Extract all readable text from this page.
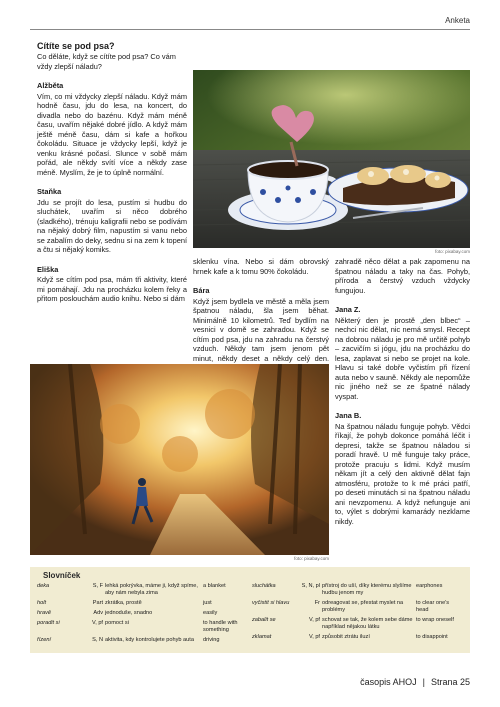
Anketa
Cítíte se pod psa?
Co děláte, když se cítíte pod psa? Co vám vždy zlepší náladu?
Alžběta
Vím, co mi vždycky zlepší náladu. Když mám hodně času, jdu do lesa, na koncert, do divadla nebo do bazénu. Když mám méně času, uvařím nějaké dobré jídlo. A když mám ještě méně času, dám si kafe a hořkou čokoládu. Situace je vždycky lepší, když je venku krásné počasí. Slunce v sobě mám pořád, ale někdy svítí více a někdy zase méně. Myslím, že je to úplně normální.
Staňka
Jdu se projít do lesa, pustím si hudbu do sluchátek, uvařím si něco dobrého (sladkého), trénuju kaligrafii nebo se podívám na nějaký dobrý film, napustím si vanu nebo se zabalím do deky, sednu si na zem k topení a čtu si nějaký komiks.
Eliška
Když se cítím pod psa, mám tři aktivity, které mi pomáhají. Jdu na procházku kolem řeky a přitom poslouchám audio knihu. Nebo si dám
foto: pixabay.com
sklenku vína. Nebo si dám obrovský hrnek kafe a k tomu 90% čokoládu.
Bára
Když jsem bydlela ve městě a měla jsem špatnou náladu, šla jsem běhat. Minimálně 10 kilometrů. Teď bydlím na vesnici v domě se zahradou. Když se cítím pod psa, jdu na zahradu na čerstvý vzduch. Někdy tam jsem jenom pět minut, někdy deset a někdy celý den.
zahradě něco dělat a pak zapomenu na špatnou náladu a taky na čas. Pohyb, příroda a čerstvý vzduch vždycky fungujou.
Jana Z.
Některý den je prostě „den blbec“ – nechci nic dělat, nic nemá smysl. Recept na dobrou náladu je pro mě určitě pohyb – zacvičím si jógu, jdu na procházku do lesa, zaplavat si nebo se projet na kole. Hlavu si také dobře vyčistím při řízení auta nebo v sauně. Někdy ale nepomůže nic jiného než se ze špatné nálady vyspat.
Jana B.
Na špatnou náladu funguje pohyb. Vědci říkají, že pohyb dokonce pomáhá léčit i depresi, takže se špatnou náladou si poradí hravě. U mě funguje taky práce, protože pracuju s lidmi. Když musím někam jít a celý den aktivně dělat fajn atmosféru, protože to k mé práci patří, po deseti minutách si na špatnou náladu ani nevzpomenu. A když nefunguje ani to, výlet s dobrými kamarády nezklame nikdy.
foto: pixabay.com
Slovníček
deka	S, F	lehká pokrývka, máme ji, když spíme, aby nám nebyla zima	a blanket
holt	Part	zkrátka, prostě	just
hravě	Adv	jednoduše, snadno	easily
poradit si	V, pf	pomoct si	to handle with something
řízení	S, N	aktivita, kdy kontrolujete pohyb auta	driving
sluchátka	S, N, pl	přístroj do uší, díky kterému slyšíme hudbu jenom my	earphones
vyčistit si hlavu	Fr	odreagovat se, přestat myslet na problémy	to clear one's head
zabalit se	V, pf	schovat se tak, že kolem sebe dáme například nějakou látku	to wrap oneself
zklamat	V, pf	způsobit ztrátu iluzí	to disappoint
časopis AHOJ | Strana 25
